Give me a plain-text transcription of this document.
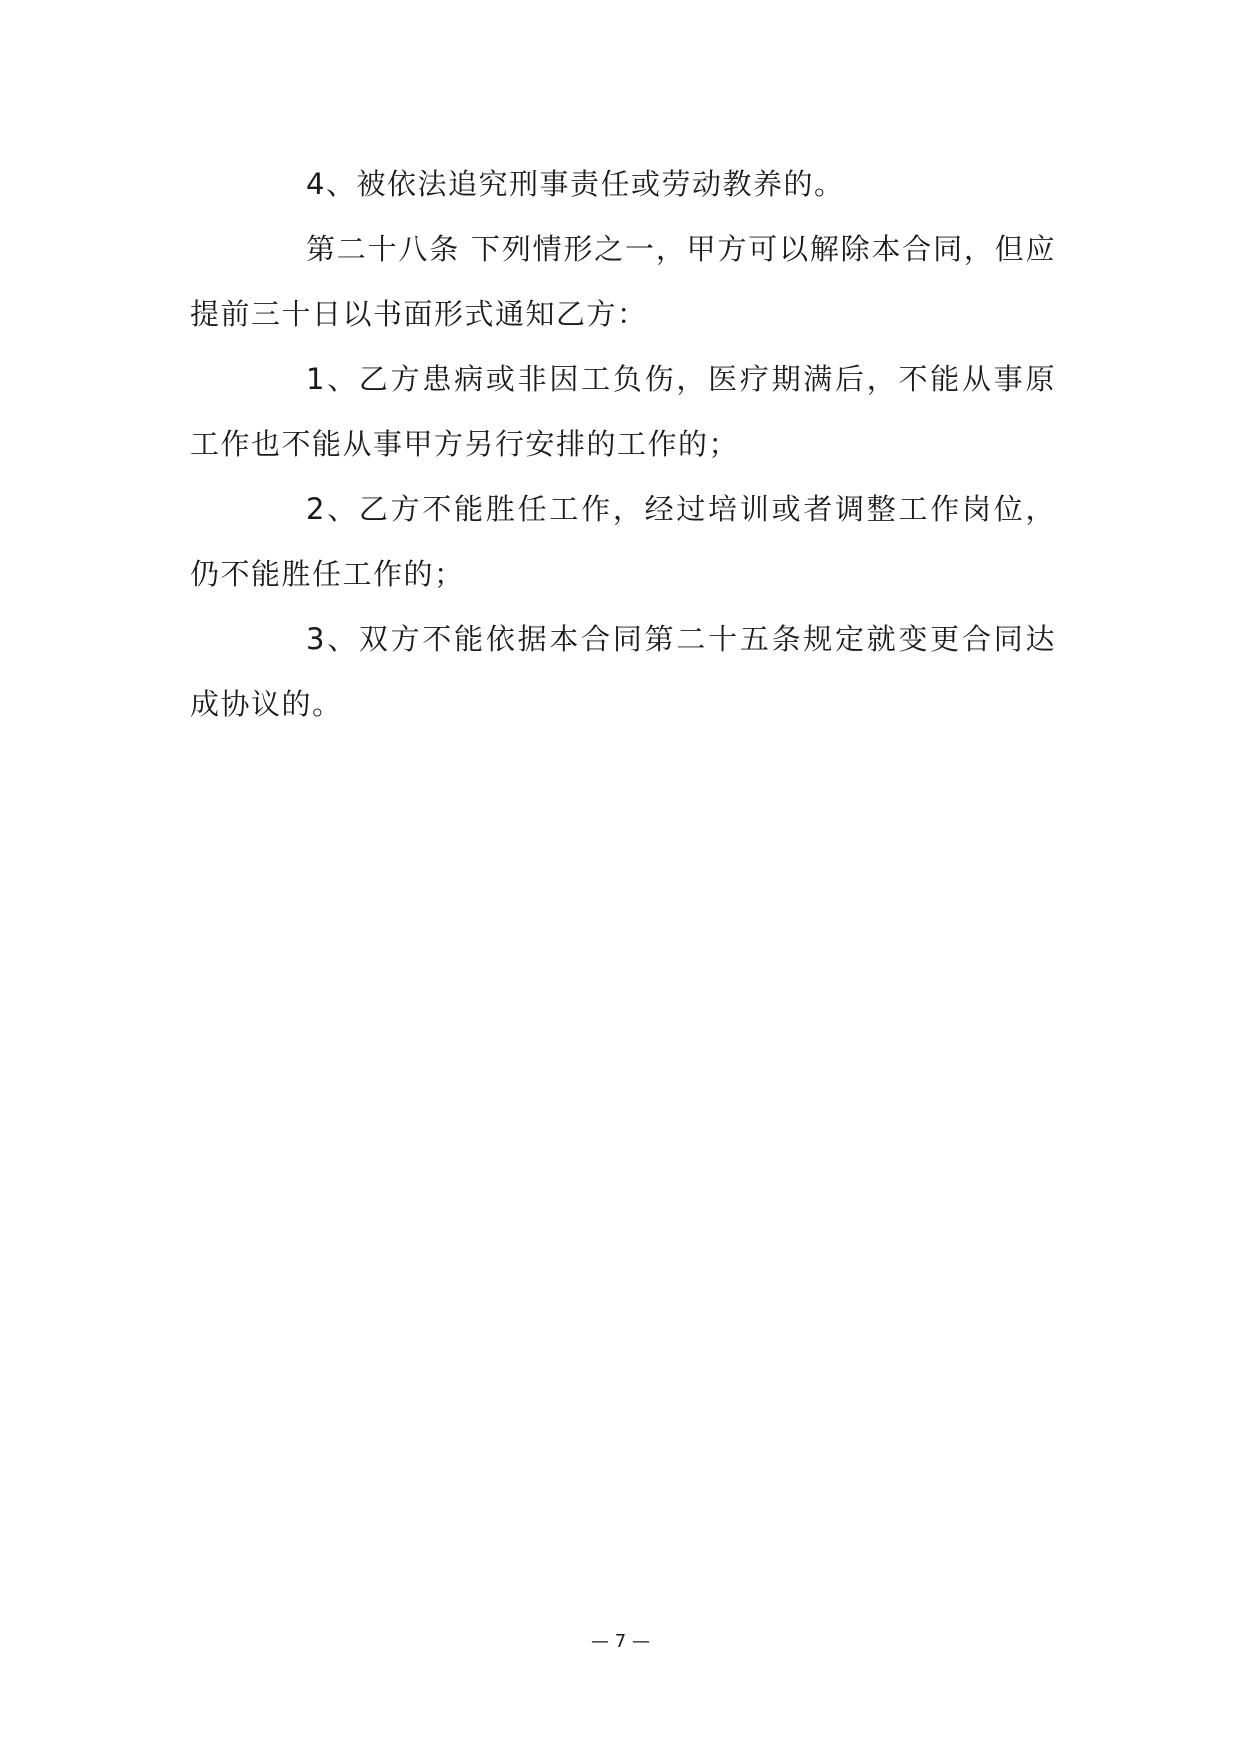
4、被依法追究刑事责任或劳动教养的。

第二十八条 下列情形之一，甲方可以解除本合同，但应提前三十日以书面形式通知乙方：

1、乙方患病或非因工负伤，医疗期满后，不能从事原工作也不能从事甲方另行安排的工作的；

2、乙方不能胜任工作，经过培训或者调整工作岗位，仍不能胜任工作的；

3、双方不能依据本合同第二十五条规定就变更合同达成协议的。

— 7 —
